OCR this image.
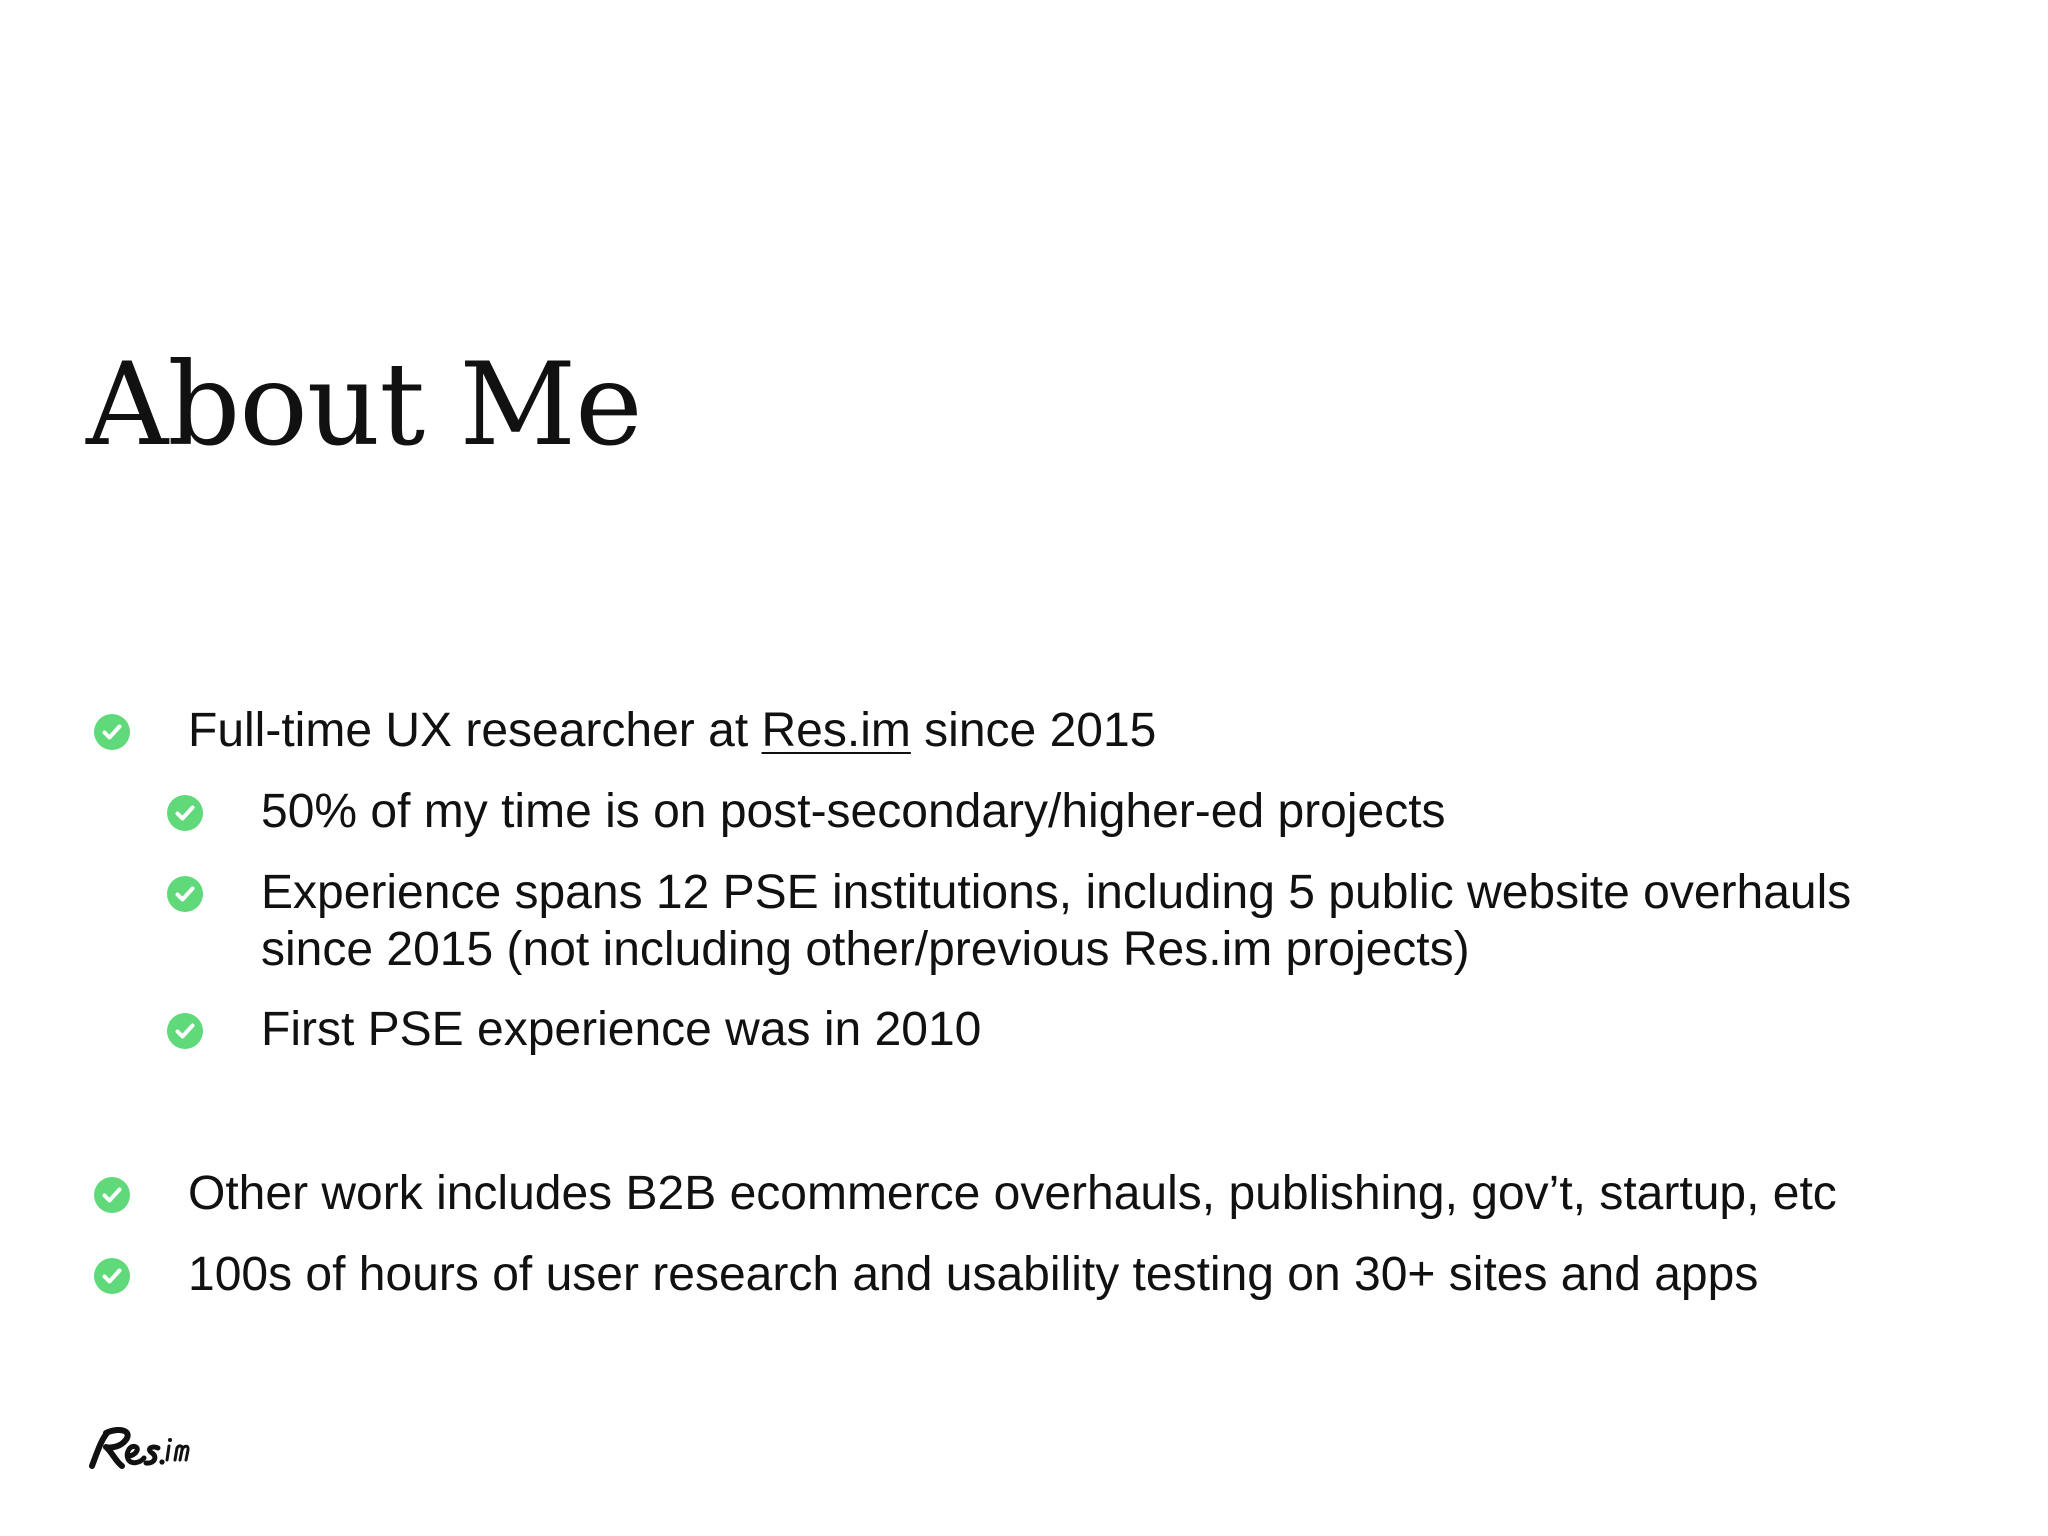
About Me
Full-time UX researcher at Res.im since 2015
50% of my time is on post-secondary/higher-ed projects
Experience spans 12 PSE institutions, including 5 public website overhauls
since 2015 (not including other/previous Res.im projects)
First PSE experience was in 2010
Other work includes B2B ecommerce overhauls, publishing, gov’t, startup, etc
100s of hours of user research and usability testing on 30+ sites and apps
